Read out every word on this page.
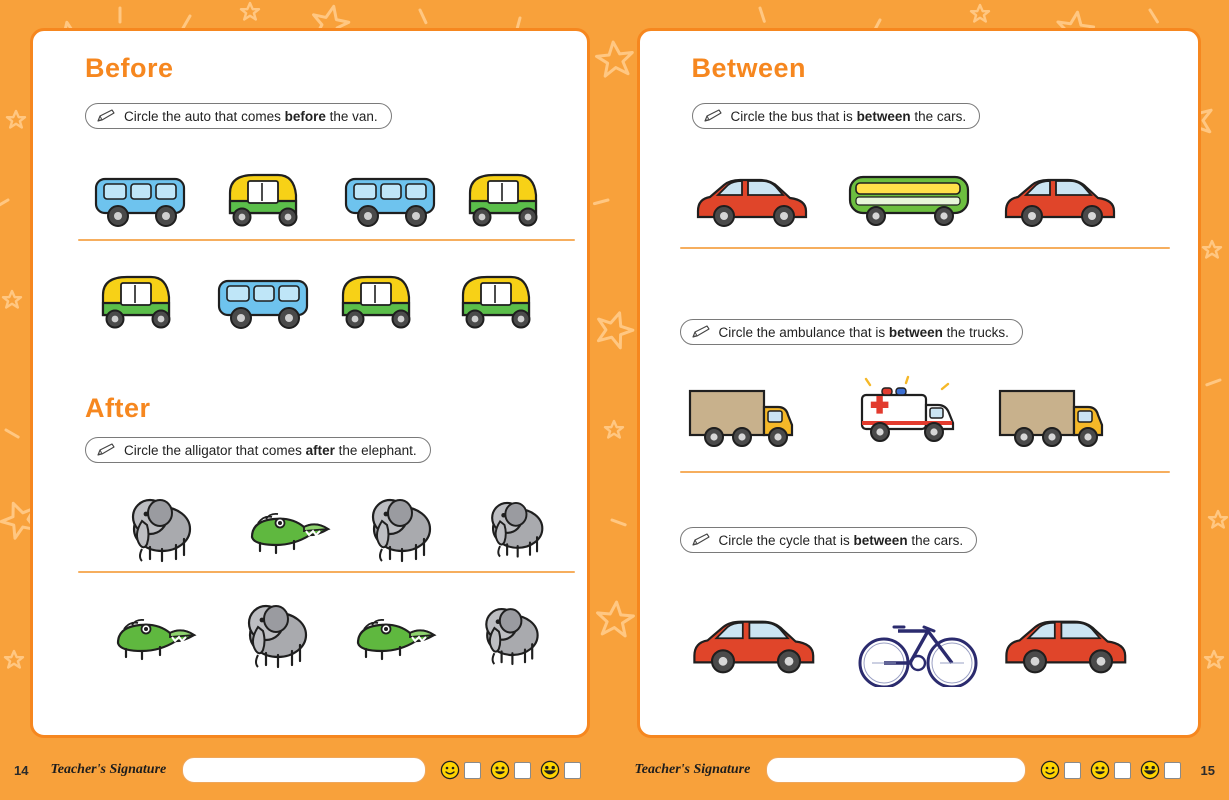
Before
Circle the auto that comes before the van.
After
Circle the alligator that comes after the elephant.
Between
Circle the bus that is between the cars.
Circle the ambulance that is between the trucks.
Circle the cycle that is between the cars.
14 Teacher's Signature	Teacher's Signature	15
